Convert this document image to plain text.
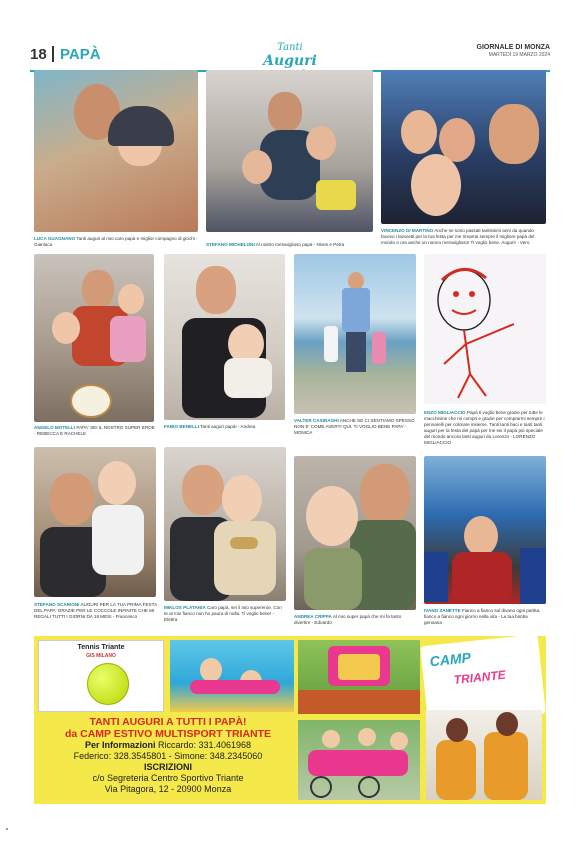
18 PAPÀ	Tanti
Auguri
GIORNALE DI MONZA
MARTEDÌ 19 MARZO 2024
LUCA GUAGNANO Tanti auguri al mio caro papà e miglior compagno di giochi - Gianluca	STEFANO MICHELONI Al nostro meraviglioso papà - Nives e Petra
VINCENZO DI MARTINO Anche se sono passati tantissimi anni da quando facevo i lavoretti per la tua festa per me rimarrai sempre il migliore papà del mondo e ora anche un nonno meraviglioso! Ti voglio bene. Auguri! - Vero
ANGELO MOTELLI PAPA' SEI IL NOSTRO SUPER EROE - REBECCA E RACHELE
FABIO BENELLI Tanti auguri papà! - Andrea
VALTER CASIRAGHI ANCHE SE CI SENTIAMO SPESSO NON E' COME AVERTI QUI. TI VOGLIO BENE PAPA' - MONICA
ENZO MIGLIACCIO Papà ti voglio bene grazie per tutte le macchinine che mi compri e grazie per comprarmi sempre i pennarelli per colorare insieme. Tanti tanti baci e tanti tanti auguri per la festa del papà per me sei il papà più speciale del mondo ancora tanti auguri da Lorenzo - LORENZO MIGLIACCIO
STEFANO SCARIONI AUGURI PER LA TUA PRIMA FESTA DEL PAPA' GRAZIE PER LE COCCOLE INFINITE CHE MI REGALI TUTTI I GIORNI DA 18 MESI - Francesco
MIKLOS PLATANIA Caro papà, sei il mio supereroe. Con te al mio fianco non ho paura di nulla. Ti voglio bene! - Elettra
ANDREA CRIPPA Al mio super papà che mi fa tanto divertire - Edoardo
IVANO ZANETTE Fianco a fianco sul divano ogni partita, fianco a fianco ogni giorno nella vita - La tua bimba genoana
Tennis Triante
GIS MILANO	CAMP
TRIANTE
TANTI AUGURI A TUTTI I PAPÀ!
da CAMP ESTIVO MULTISPORT TRIANTE
Per Informazioni Riccardo: 331.4061968
Federico: 328.3545801 - Simone: 348.2345060
ISCRIZIONI
c/o Segreteria Centro Sportivo Triante
Via Pitagora, 12 - 20900 Monza
